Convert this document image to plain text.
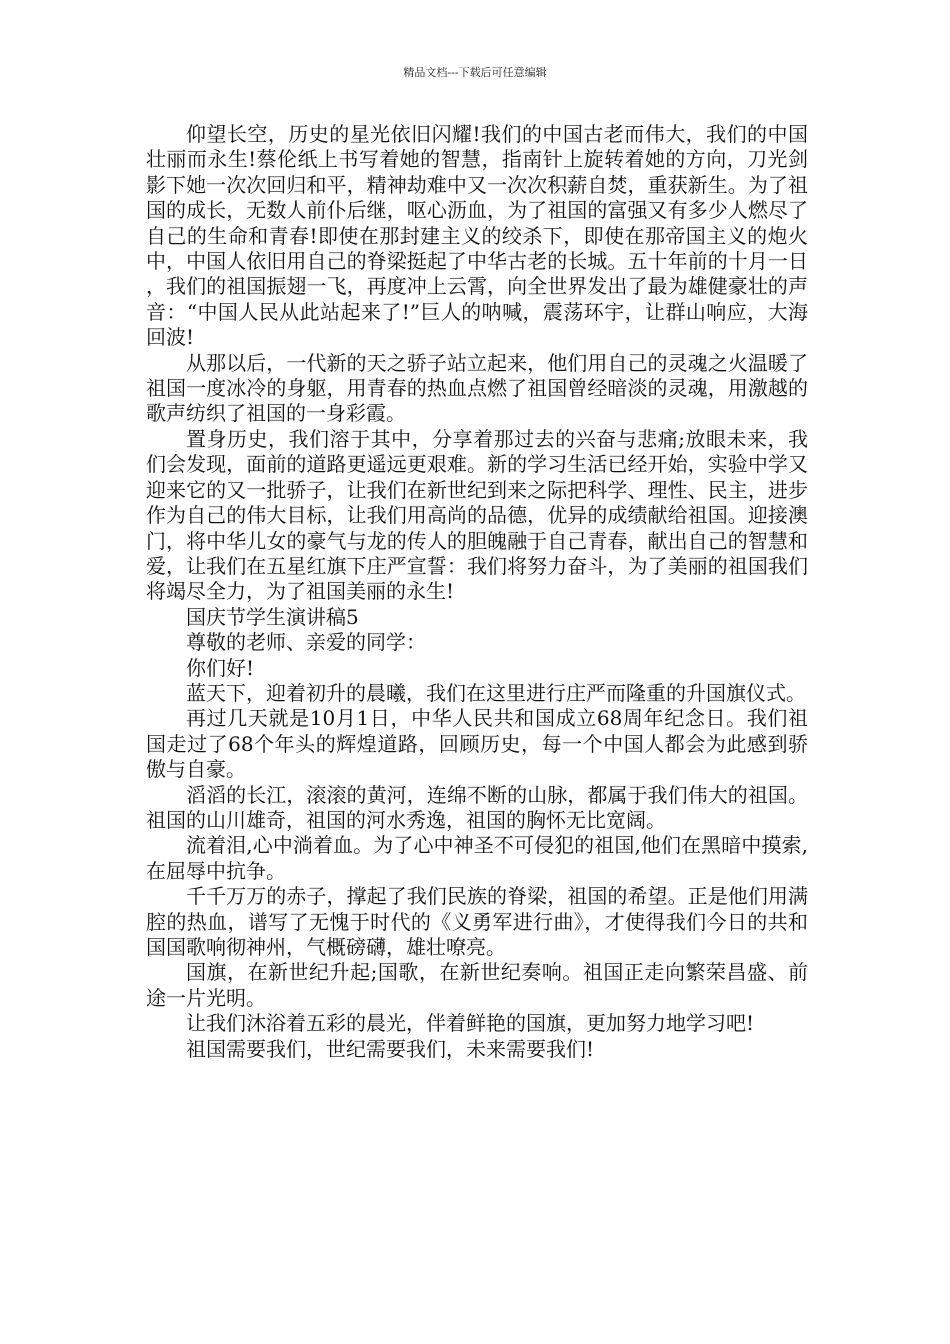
精品文档---下载后可任意编辑

仰望长空，历史的星光依旧闪耀!我们的中国古老而伟大，我们的中国壮丽而永生!蔡伦纸上书写着她的智慧，指南针上旋转着她的方向，刀光剑影下她一次次回归和平，精神劫难中又一次次积薪自焚，重获新生。为了祖国的成长，无数人前仆后继，呕心沥血，为了祖国的富强又有多少人燃尽了自己的生命和青春!即使在那封建主义的绞杀下，即使在那帝国主义的炮火中，中国人依旧用自己的脊梁挺起了中华古老的长城。五十年前的十月一日，我们的祖国振翅一飞，再度冲上云霄，向全世界发出了最为雄健豪壮的声音：“中国人民从此站起来了!”巨人的呐喊，震荡环宇，让群山响应，大海回波!

从那以后，一代新的天之骄子站立起来，他们用自己的灵魂之火温暖了祖国一度冰冷的身躯，用青春的热血点燃了祖国曾经暗淡的灵魂，用激越的歌声纺织了祖国的一身彩霞。

置身历史，我们溶于其中，分享着那过去的兴奋与悲痛;放眼未来，我们会发现，面前的道路更遥远更艰难。新的学习生活已经开始，实验中学又迎来它的又一批骄子，让我们在新世纪到来之际把科学、理性、民主，进步作为自己的伟大目标，让我们用高尚的品德，优异的成绩献给祖国。迎接澳门，将中华儿女的豪气与龙的传人的胆魄融于自己青春，献出自己的智慧和爱，让我们在五星红旗下庄严宣誓：我们将努力奋斗，为了美丽的祖国我们将竭尽全力，为了祖国美丽的永生!

国庆节学生演讲稿5

尊敬的老师、亲爱的同学：

你们好!

蓝天下，迎着初升的晨曦，我们在这里进行庄严而隆重的升国旗仪式。

再过几天就是10月1日，中华人民共和国成立68周年纪念日。我们祖国走过了68个年头的辉煌道路，回顾历史，每一个中国人都会为此感到骄傲与自豪。

滔滔的长江，滚滚的黄河，连绵不断的山脉，都属于我们伟大的祖国。祖国的山川雄奇，祖国的河水秀逸，祖国的胸怀无比宽阔。

流着泪,心中淌着血。为了心中神圣不可侵犯的祖国,他们在黑暗中摸索,在屈辱中抗争。

千千万万的赤子，撑起了我们民族的脊梁，祖国的希望。正是他们用满腔的热血，谱写了无愧于时代的《义勇军进行曲》，才使得我们今日的共和国国歌响彻神州，气概磅礴，雄壮嘹亮。

国旗，在新世纪升起;国歌，在新世纪奏响。祖国正走向繁荣昌盛、前途一片光明。

让我们沐浴着五彩的晨光，伴着鲜艳的国旗，更加努力地学习吧!

祖国需要我们，世纪需要我们，未来需要我们!
